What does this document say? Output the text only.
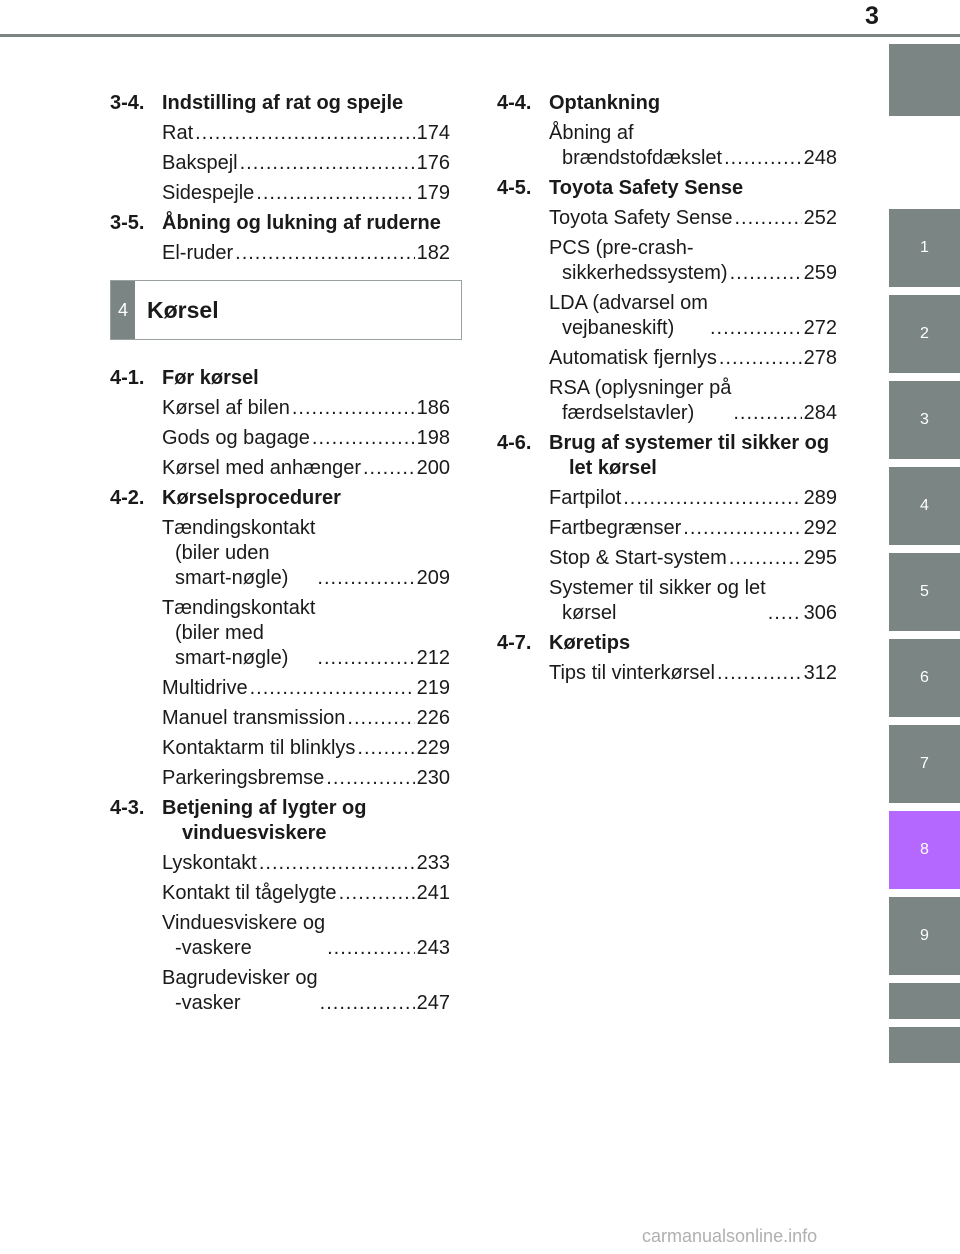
3
1
2
3
4
5
6
7
8
9
3-4. Indstilling af rat og spejle
Rat .....	174
Bakspejl .....	176
Sidespejle .....	179
3-5. Åbning og lukning af ruderne
El-ruder .....	182
4 Kørsel
4-1. Før kørsel
Kørsel af bilen .....	186
Gods og bagage .....	198
Kørsel med anhænger .....	200
4-2. Kørselsprocedurer
Tændingskontakt
(biler uden
smart-nøgle) .....	209
Tændingskontakt
(biler med
smart-nøgle) .....	212
Multidrive .....	219
Manuel transmission .....	226
Kontaktarm til blinklys .....	229
Parkeringsbremse .....	230
4-3. Betjening af lygter og vinduesviskere
Lyskontakt .....	233
Kontakt til tågelygte .....	241
Vinduesviskere og
-vaskere .....	243
Bagrudevisker og
-vasker .....	247
4-4. Optankning
Åbning af
brændstofdækslet .....	248
4-5. Toyota Safety Sense
Toyota Safety Sense .....	252
PCS (pre-crash-
sikkerhedssystem) .....	259
LDA (advarsel om
vejbaneskift) .....	272
Automatisk fjernlys .....	278
RSA (oplysninger på
færdselstavler) .....	284
4-6. Brug af systemer til sikker og let kørsel
Fartpilot .....	289
Fartbegrænser .....	292
Stop & Start-system .....	295
Systemer til sikker og let
kørsel .....	306
4-7. Køretips
Tips til vinterkørsel .....	312
carmanualsonline.info
